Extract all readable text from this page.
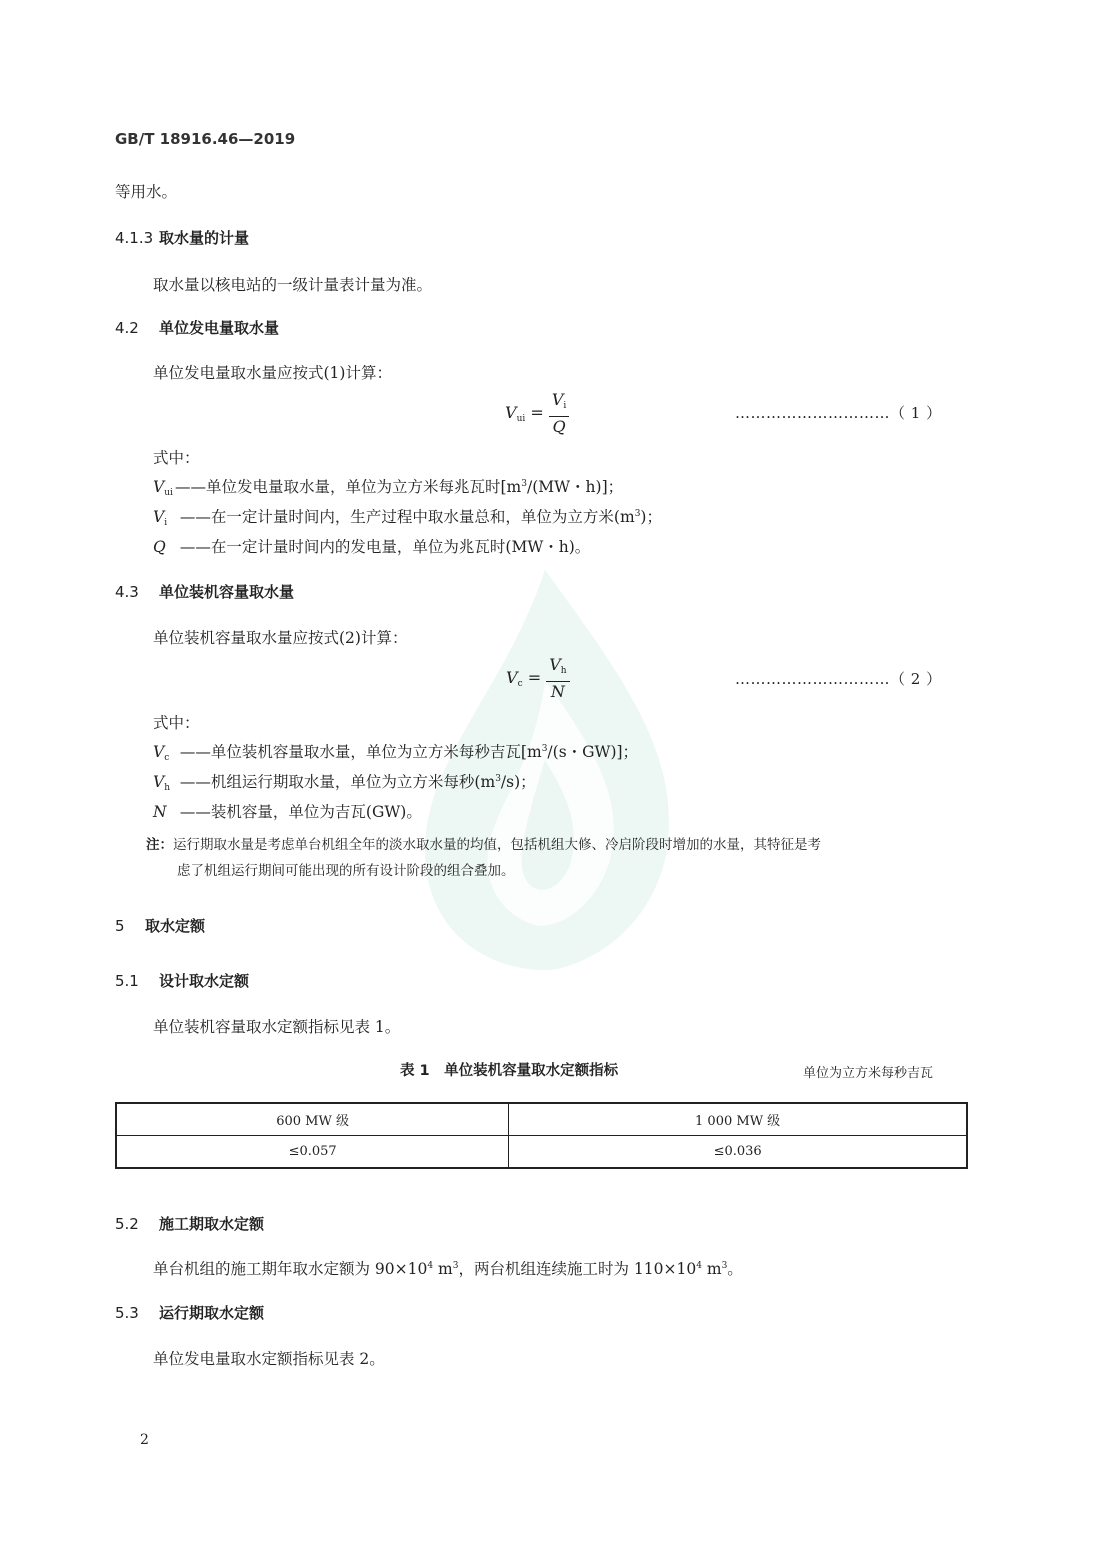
GB/T 18916.46—2019
等用水。
4.1.3 取水量的计量
取水量以核电站的一级计量表计量为准。
4.2 单位发电量取水量
单位发电量取水量应按式(1)计算：
$V_{ui} = \frac{V_i}{Q}$	…………………………（ 1 ）
式中：
$V_{ui}$ ——单位发电量取水量，单位为立方米每兆瓦时[$m^3/(MW$・h)]；
$V_i$ ——在一定计量时间内，生产过程中取水量总和，单位为立方米$(m^3)$；
Q ——在一定计量时间内的发电量，单位为兆瓦时(MW・h)。
4.3 单位装机容量取水量
单位装机容量取水量应按式(2)计算：
$V_c = \frac{V_h}{N}$	…………………………（ 2 ）
式中：
$V_c$ ——单位装机容量取水量，单位为立方米每秒吉瓦[$m^3/(s$・GW)]；
$V_h$ ——机组运行期取水量，单位为立方米每秒$(m^3/s)$；
N ——装机容量，单位为吉瓦(GW)。
注：运行期取水量是考虑单台机组全年的淡水取水量的均值，包括机组大修、冷启阶段时增加的水量，其特征是考
虑了机组运行期间可能出现的所有设计阶段的组合叠加。
5 取水定额
5.1 设计取水定额
单位装机容量取水定额指标见表 1。
表 1　单位装机容量取水定额指标	单位为立方米每秒吉瓦
600 MW 级	1 000 MW 级
≤0.057	≤0.036
5.2 施工期取水定额
单台机组的施工期年取水定额为 $90\times 10^4$ $m^3$，两台机组连续施工时为 $110\times 10^4$ $m^3$。
5.3 运行期取水定额
单位发电量取水定额指标见表 2。
2
